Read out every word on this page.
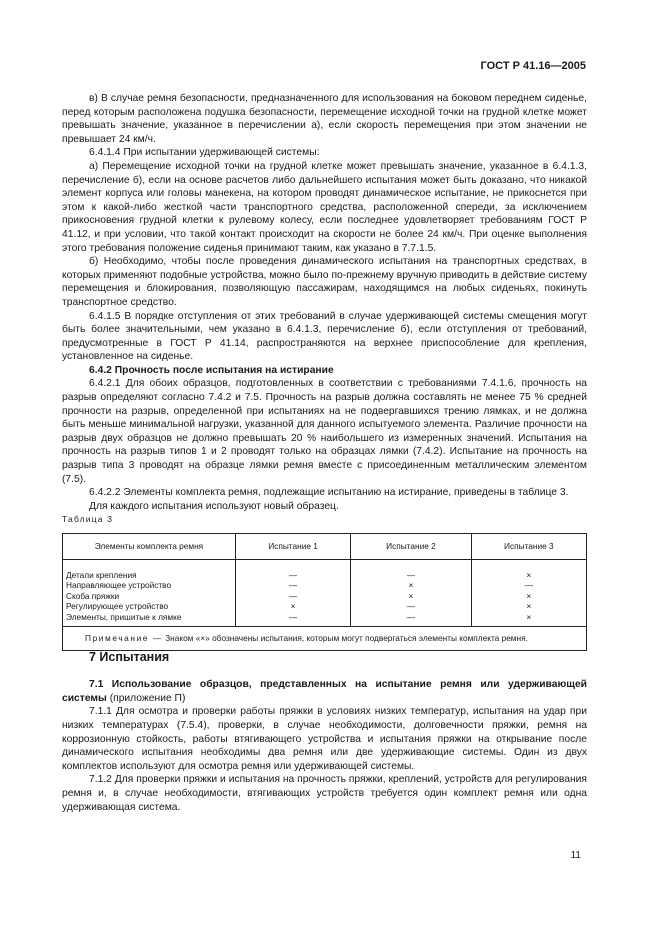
ГОСТ Р 41.16—2005

в) В случае ремня безопасности, предназначенного для использования на боковом переднем сиденье, перед которым расположена подушка безопасности, перемещение исходной точки на грудной клетке может превышать значение, указанное в перечислении а), если скорость перемещения при этом значении не превышает 24 км/ч.

6.4.1.4 При испытании удерживающей системы:

а) Перемещение исходной точки на грудной клетке может превышать значение, указанное в 6.4.1.3, перечисление б), если на основе расчетов либо дальнейшего испытания может быть доказано, что никакой элемент корпуса или головы манекена, на котором проводят динамическое испытание, не прикоснется при этом к какой-либо жесткой части транспортного средства, расположенной спереди, за исключением прикосновения грудной клетки к рулевому колесу, если последнее удовлетворяет требованиям ГОСТ Р 41.12, и при условии, что такой контакт происходит на скорости не более 24 км/ч. При оценке выполнения этого требования положение сиденья принимают таким, как указано в 7.7.1.5.

б) Необходимо, чтобы после проведения динамического испытания на транспортных средствах, в которых применяют подобные устройства, можно было по-прежнему вручную приводить в действие систему перемещения и блокирования, позволяющую пассажирам, находящимся на любых сиденьях, покинуть транспортное средство.

6.4.1.5 В порядке отступления от этих требований в случае удерживающей системы смещения могут быть более значительными, чем указано в 6.4.1.3, перечисление б), если отступления от требований, предусмотренные в ГОСТ Р 41.14, распространяются на верхнее приспособление для крепления, установленное на сиденье.

6.4.2 Прочность после испытания на истирание

6.4.2.1 Для обоих образцов, подготовленных в соответствии с требованиями 7.4.1.6, прочность на разрыв определяют согласно 7.4.2 и 7.5. Прочность на разрыв должна составлять не менее 75 % средней прочности на разрыв, определенной при испытаниях на не подвергавшихся трению лямках, и не должна быть меньше минимальной нагрузки, указанной для данного испытуемого элемента. Различие прочности на разрыв двух образцов не должно превышать 20 % наибольшего из измеренных значений. Испытания на прочность на разрыв типов 1 и 2 проводят только на образцах лямки (7.4.2). Испытание на прочность на разрыв типа 3 проводят на образце лямки ремня вместе с присоединенным металлическим элементом (7.5).

6.4.2.2 Элементы комплекта ремня, подлежащие испытанию на истирание, приведены в таблице 3.

Для каждого испытания используют новый образец.

Таблица 3

Элементы комплекта ремня	Испытание 1	Испытание 2	Испытание 3
Детали крепления	—	—	×
Направляющее устройство	—	×	—
Скоба пряжки	—	×	×
Регулирующее устройство	×	—	×
Элементы, пришитые к лямке	—	—	×
Примечание — Знаком «×» обозначены испытания, которым могут подвергаться элементы комплекта ремня.			

7 Испытания

7.1 Использование образцов, представленных на испытание ремня или удерживающей системы (приложение П)

7.1.1 Для осмотра и проверки работы пряжки в условиях низких температур, испытания на удар при низких температурах (7.5.4), проверки, в случае необходимости, долговечности пряжки, ремня на коррозионную стойкость, работы втягивающего устройства и испытания пряжки на открывание после динамического испытания необходимы два ремня или две удерживающие системы. Один из двух комплектов используют для осмотра ремня или удерживающей системы.

7.1.2 Для проверки пряжки и испытания на прочность пряжки, креплений, устройств для регулирования ремня и, в случае необходимости, втягивающих устройств требуется один комплект ремня или одна удерживающая система.

11
